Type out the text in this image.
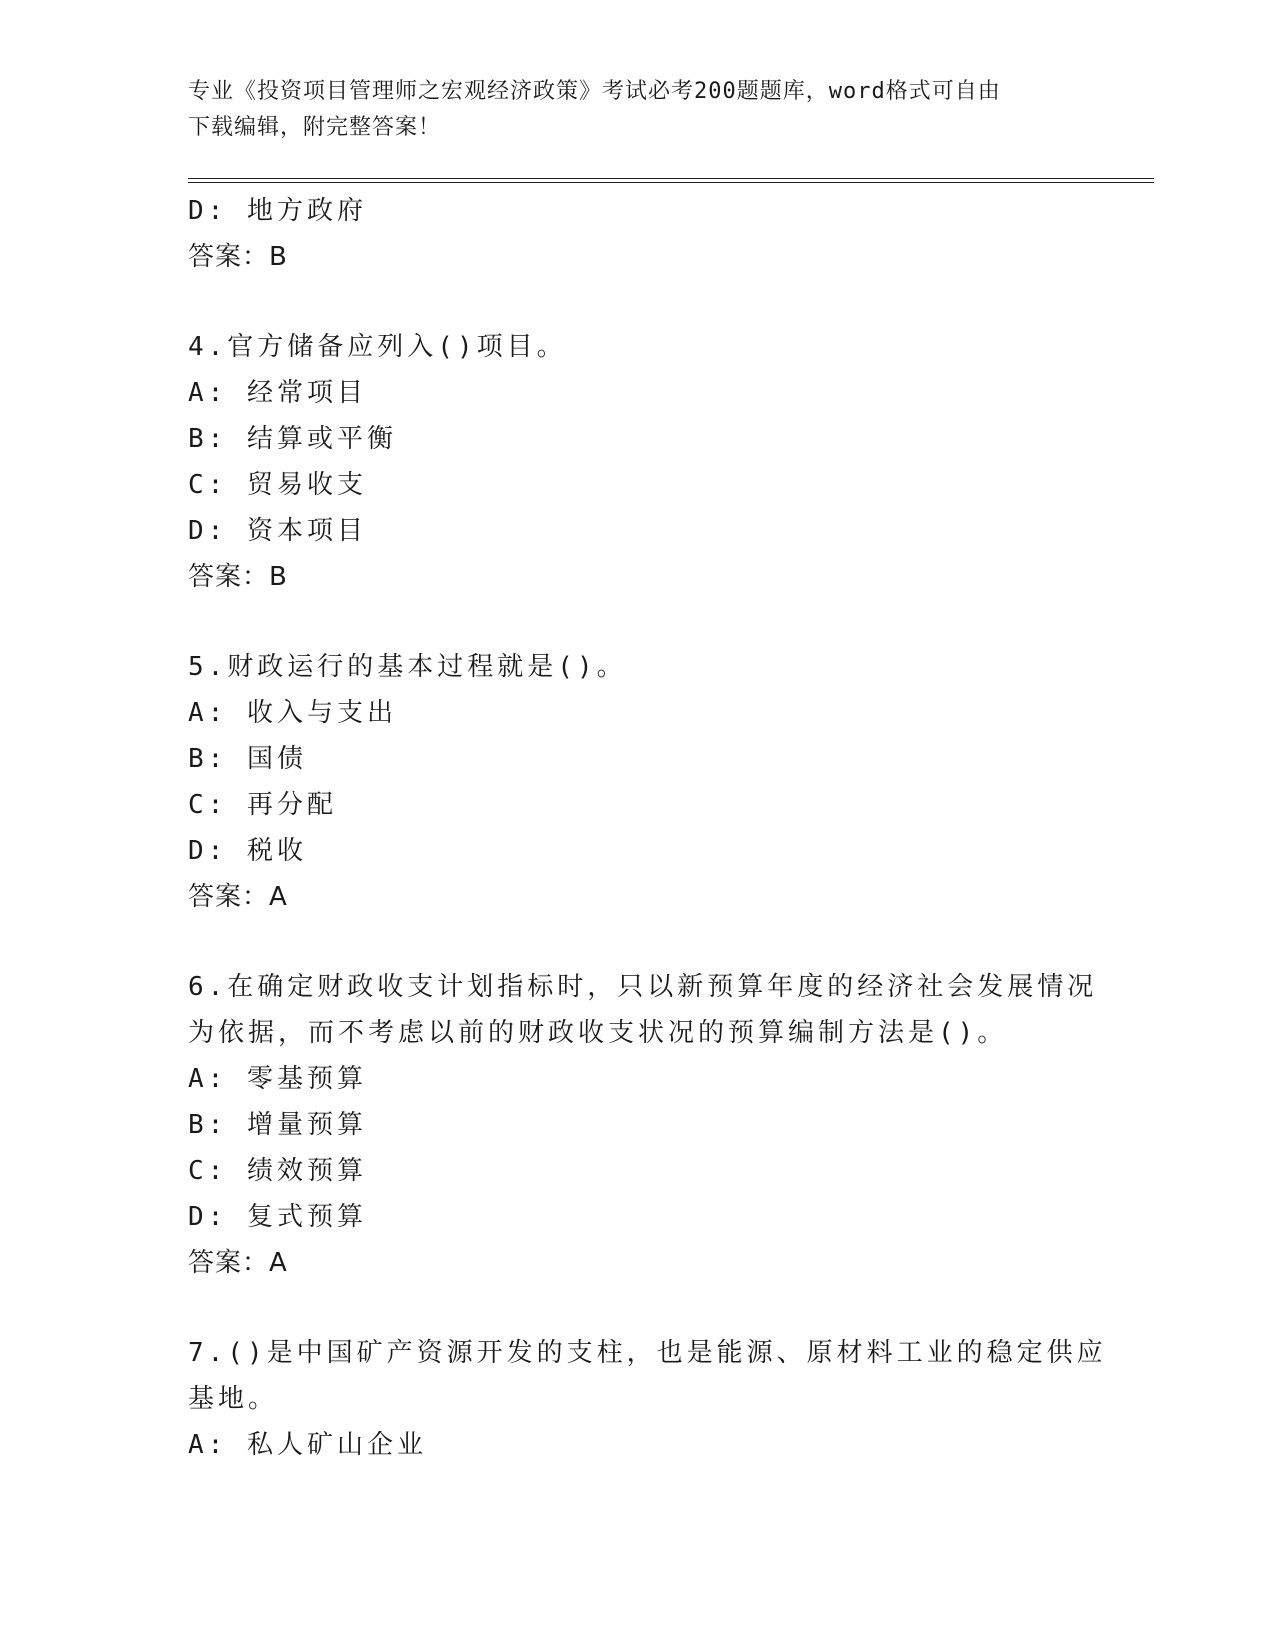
专业《投资项目管理师之宏观经济政策》考试必考200题题库，word格式可自由
下载编辑，附完整答案！
D: 地方政府
答案：B
4.官方储备应列入()项目。
A: 经常项目
B: 结算或平衡
C: 贸易收支
D: 资本项目
答案：B
5.财政运行的基本过程就是()。
A: 收入与支出
B: 国债
C: 再分配
D: 税收
答案：A
6.在确定财政收支计划指标时，只以新预算年度的经济社会发展情况
为依据，而不考虑以前的财政收支状况的预算编制方法是()。
A: 零基预算
B: 增量预算
C: 绩效预算
D: 复式预算
答案：A
7.()是中国矿产资源开发的支柱，也是能源、原材料工业的稳定供应
基地。
A: 私人矿山企业
